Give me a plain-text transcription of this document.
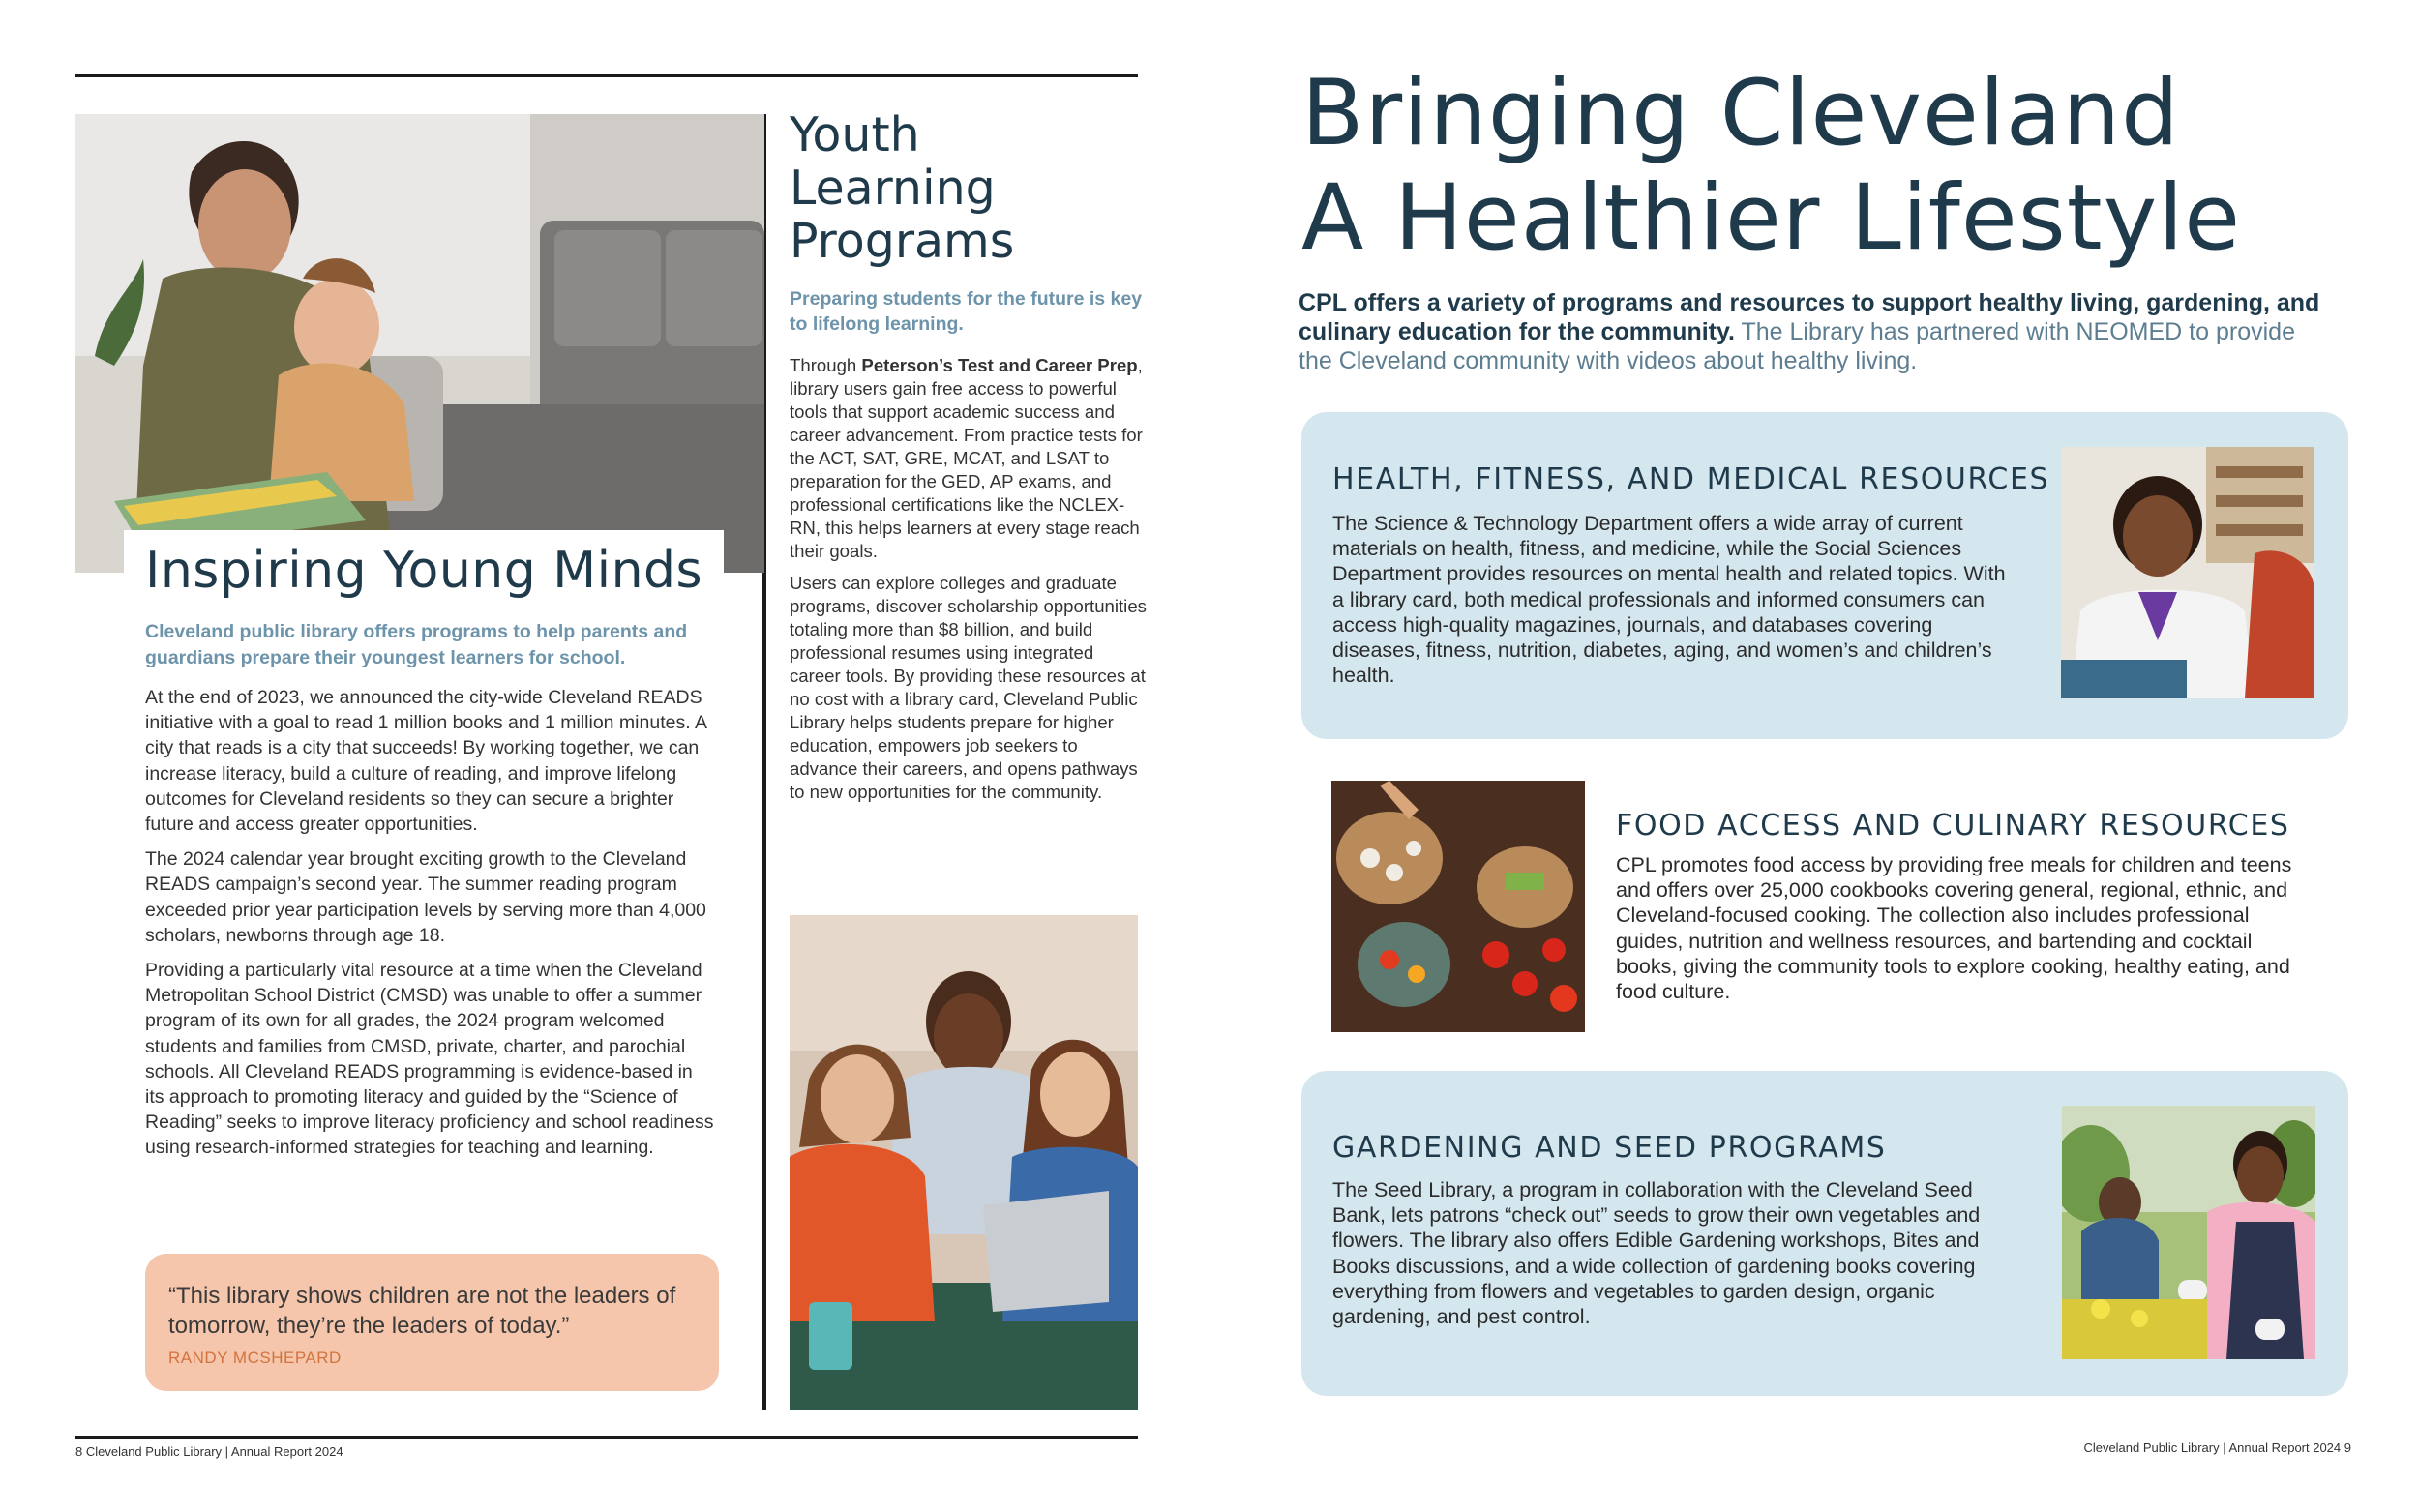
Inspiring Young Minds
Cleveland public library offers programs to help parents and guardians prepare their youngest learners for school.

At the end of 2023, we announced the city-wide Cleveland READS initiative with a goal to read 1 million books and 1 million minutes. A city that reads is a city that succeeds! By working together, we can increase literacy, build a culture of reading, and improve lifelong outcomes for Cleveland residents so they can secure a brighter future and access greater opportunities.

The 2024 calendar year brought exciting growth to the Cleveland READS campaign’s second year. The summer reading program exceeded prior year participation levels by serving more than 4,000 scholars, newborns through age 18.

Providing a particularly vital resource at a time when the Cleveland Metropolitan School District (CMSD) was unable to offer a summer program of its own for all grades, the 2024 program welcomed students and families from CMSD, private, charter, and parochial schools. All Cleveland READS programming is evidence-based in its approach to promoting literacy and guided by the “Science of Reading” seeks to improve literacy proficiency and school readiness using research-informed strategies for teaching and learning.

“This library shows children are not the leaders of tomorrow, they’re the leaders of today.”
RANDY MCSHEPARD
Youth
Learning
Programs
Preparing students for the future is key to lifelong learning.

Through Peterson’s Test and Career Prep, library users gain free access to powerful tools that support academic success and career advancement. From practice tests for the ACT, SAT, GRE, MCAT, and LSAT to preparation for the GED, AP exams, and professional certifications like the NCLEX-RN, this helps learners at every stage reach their goals.

Users can explore colleges and graduate programs, discover scholarship opportunities totaling more than $8 billion, and build professional resumes using integrated career tools. By providing these resources at no cost with a library card, Cleveland Public Library helps students prepare for higher education, empowers job seekers to advance their careers, and opens pathways to new opportunities for the community.

8 Cleveland Public Library | Annual Report 2024
Bringing Cleveland
A Healthier Lifestyle
CPL offers a variety of programs and resources to support healthy living, gardening, and culinary education for the community. The Library has partnered with NEOMED to provide the Cleveland community with videos about healthy living.
HEALTH, FITNESS, AND MEDICAL RESOURCES
The Science & Technology Department offers a wide array of current materials on health, fitness, and medicine, while the Social Sciences Department provides resources on mental health and related topics. With a library card, both medical professionals and informed consumers can access high-quality magazines, journals, and databases covering diseases, fitness, nutrition, diabetes, aging, and women’s and children’s health.
FOOD ACCESS AND CULINARY RESOURCES
CPL promotes food access by providing free meals for children and teens and offers over 25,000 cookbooks covering general, regional, ethnic, and Cleveland-focused cooking. The collection also includes professional guides, nutrition and wellness resources, and bartending and cocktail books, giving the community tools to explore cooking, healthy eating, and food culture.
GARDENING AND SEED PROGRAMS
The Seed Library, a program in collaboration with the Cleveland Seed Bank, lets patrons “check out” seeds to grow their own vegetables and flowers. The library also offers Edible Gardening workshops, Bites and Books discussions, and a wide collection of gardening books covering everything from flowers and vegetables to garden design, organic gardening, and pest control.
Cleveland Public Library | Annual Report 2024 9
